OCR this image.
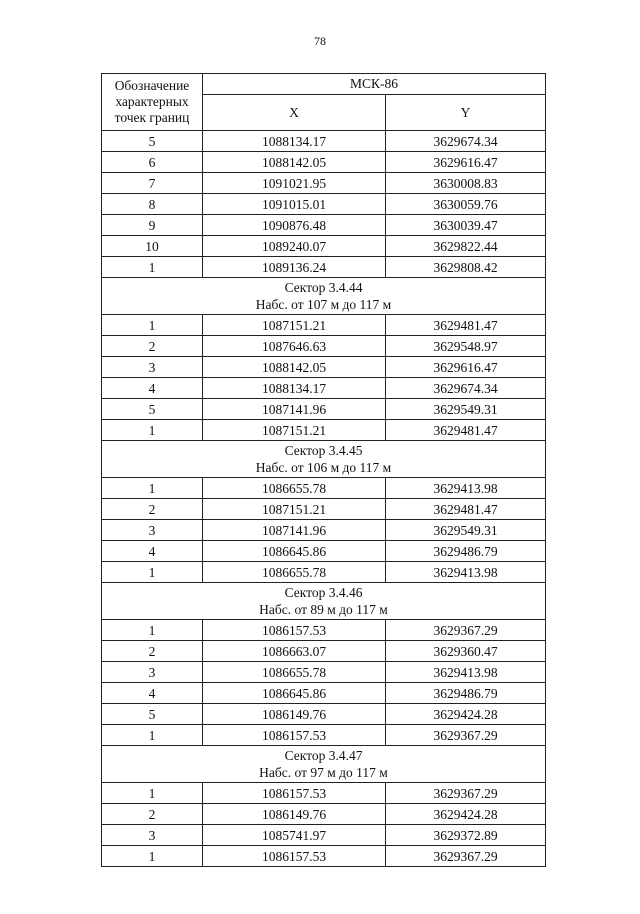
78
Обозначение характерных точек границ	МСК-86	
	X	Y
5	1088134.17	3629674.34
6	1088142.05	3629616.47
7	1091021.95	3630008.83
8	1091015.01	3630059.76
9	1090876.48	3630039.47
10	1089240.07	3629822.44
1	1089136.24	3629808.42

Сектор 3.4.44
Набс. от 107 м до 117 м		

1	1087151.21	3629481.47
2	1087646.63	3629548.97
3	1088142.05	3629616.47
4	1088134.17	3629674.34
5	1087141.96	3629549.31
1	1087151.21	3629481.47

Сектор 3.4.45
Набс. от 106 м до 117 м		

1	1086655.78	3629413.98
2	1087151.21	3629481.47
3	1087141.96	3629549.31
4	1086645.86	3629486.79
1	1086655.78	3629413.98

Сектор 3.4.46
Набс. от 89 м до 117 м		

1	1086157.53	3629367.29
2	1086663.07	3629360.47
3	1086655.78	3629413.98
4	1086645.86	3629486.79
5	1086149.76	3629424.28
1	1086157.53	3629367.29

Сектор 3.4.47
Набс. от 97 м до 117 м		

1	1086157.53	3629367.29
2	1086149.76	3629424.28
3	1085741.97	3629372.89
1	1086157.53	3629367.29
